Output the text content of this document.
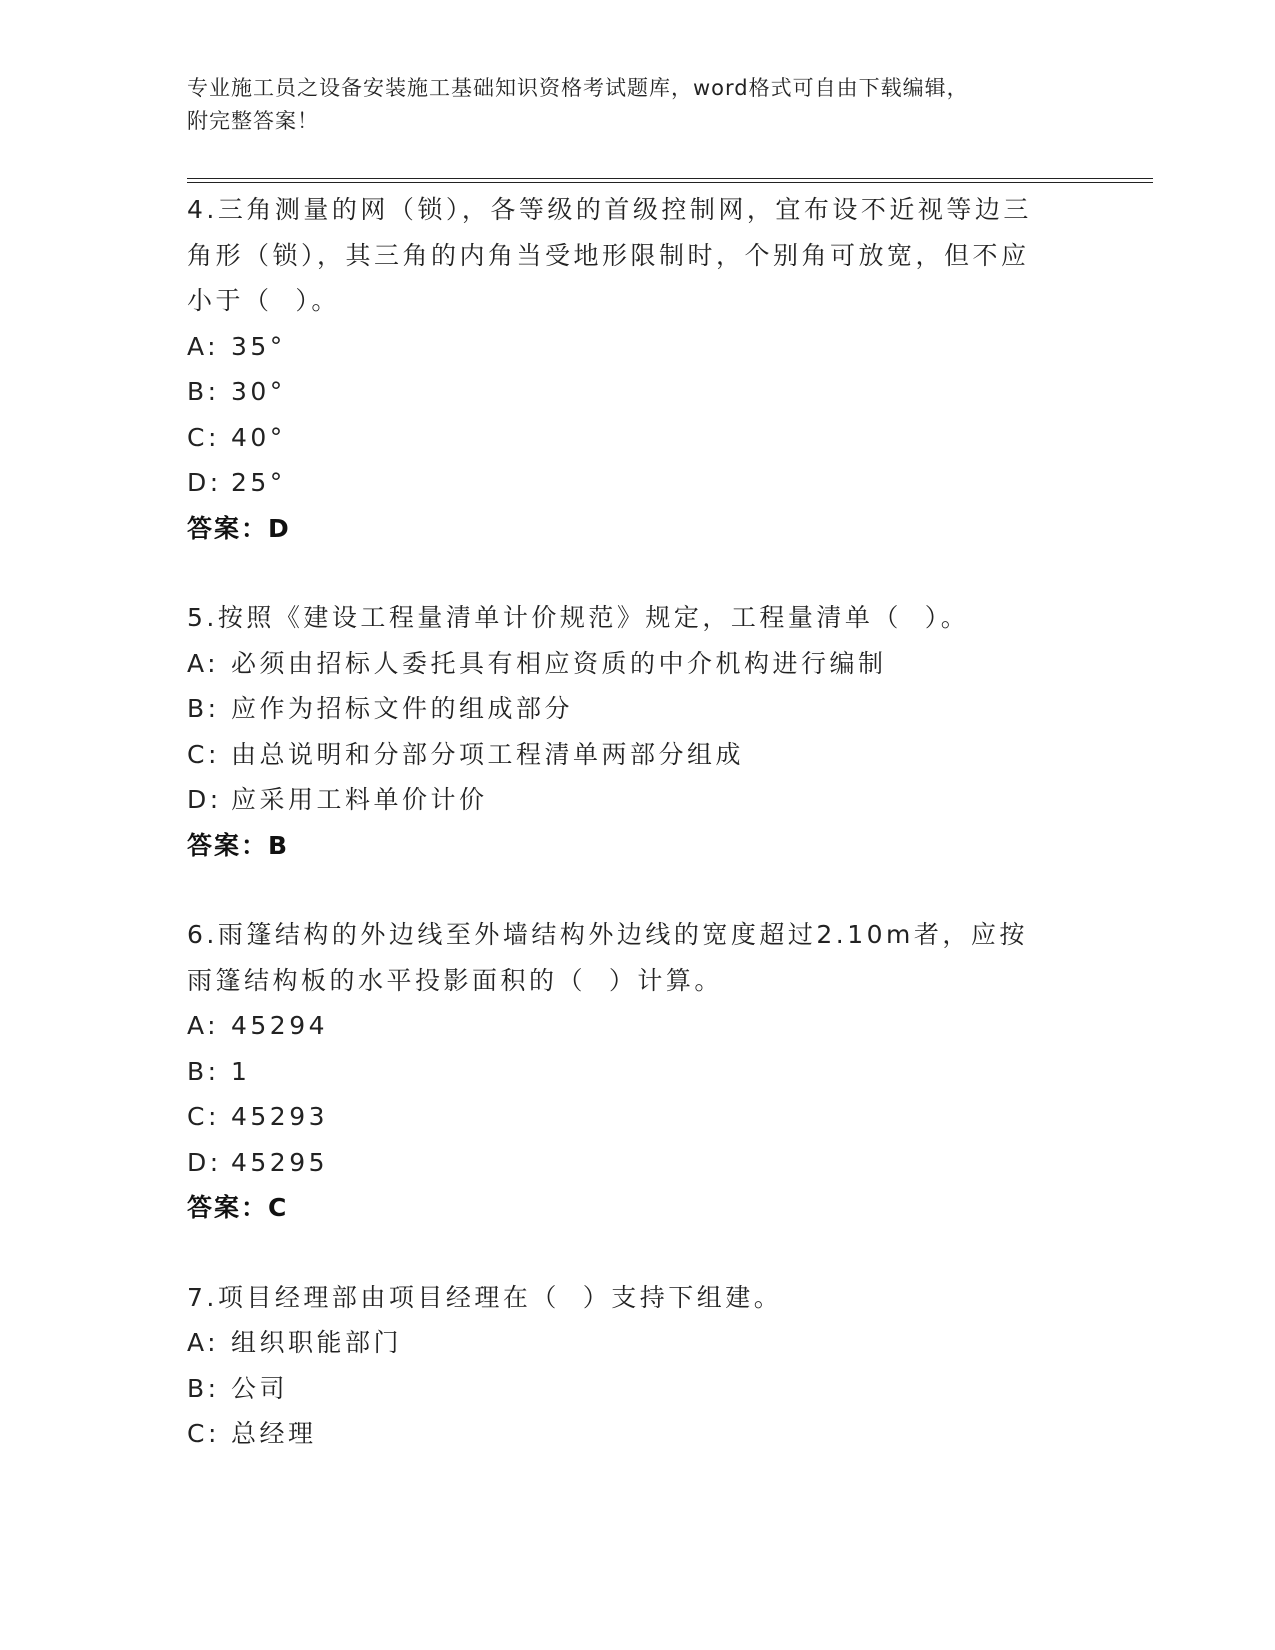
专业施工员之设备安装施工基础知识资格考试题库，word格式可自由下载编辑，
附完整答案！

4.三角测量的网（锁），各等级的首级控制网，宜布设不近视等边三角形（锁），其三角的内角当受地形限制时，个别角可放宽，但不应小于（  ）。

A: 35°

B: 30°

C: 40°

D: 25°

答案：D

5.按照《建设工程量清单计价规范》规定，工程量清单（  ）。

A: 必须由招标人委托具有相应资质的中介机构进行编制

B: 应作为招标文件的组成部分

C: 由总说明和分部分项工程清单两部分组成

D: 应采用工料单价计价

答案：B

6.雨篷结构的外边线至外墙结构外边线的宽度超过2.10m者，应按雨篷结构板的水平投影面积的（  ）计算。

A: 45294

B: 1

C: 45293

D: 45295

答案：C

7.项目经理部由项目经理在（  ）支持下组建。

A: 组织职能部门

B: 公司

C: 总经理
